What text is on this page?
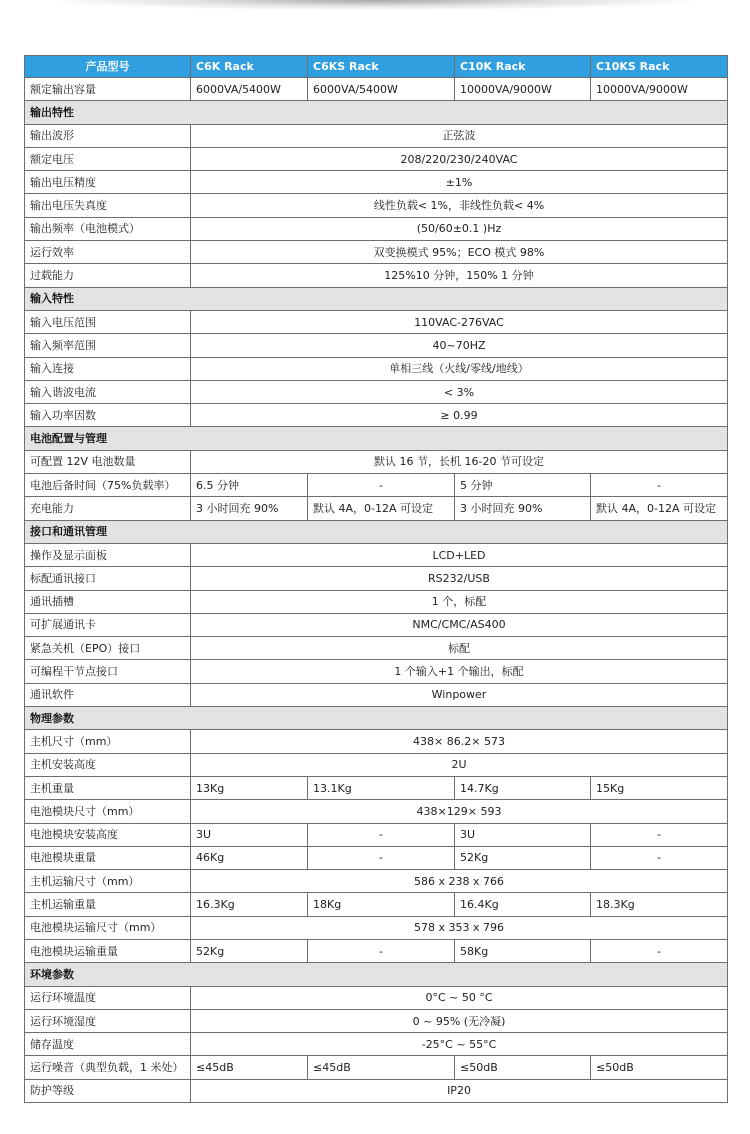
产品型号	C6K Rack	C6KS Rack	C10K Rack	C10KS Rack
额定输出容量	6000VA/5400W	6000VA/5400W	10000VA/9000W	10000VA/9000W
输出特性				
输出波形	正弦波			
额定电压	208/220/230/240VAC			
输出电压精度	±1%			
输出电压失真度	线性负载< 1%，非线性负载< 4%			
输出频率（电池模式）	(50/60±0.1 )Hz			
运行效率	双变换模式 95%；ECO 模式 98%			
过载能力	125%10 分钟，150% 1 分钟			
输入特性				
输入电压范围	110VAC-276VAC			
输入频率范围	40~70HZ			
输入连接	单相三线（火线/零线/地线）			
输入谐波电流	< 3%			
输入功率因数	≥ 0.99			
电池配置与管理				
可配置 12V 电池数量	默认 16 节，长机 16-20 节可设定			
电池后备时间（75%负载率）	6.5 分钟	-	5 分钟	-
充电能力	3 小时回充 90%	默认 4A，0-12A 可设定	3 小时回充 90%	默认 4A，0-12A 可设定
接口和通讯管理				
操作及显示面板	LCD+LED			
标配通讯接口	RS232/USB			
通讯插槽	1 个，标配			
可扩展通讯卡	NMC/CMC/AS400			
紧急关机（EPO）接口	标配			
可编程干节点接口	1 个输入+1 个输出，标配			
通讯软件	Winpower			
物理参数				
主机尺寸（mm）	438× 86.2× 573			
主机安装高度	2U			
主机重量	13Kg	13.1Kg	14.7Kg	15Kg
电池模块尺寸（mm）	438×129× 593			
电池模块安装高度	3U	-	3U	-
电池模块重量	46Kg	-	52Kg	-
主机运输尺寸（mm）	586 x 238 x 766			
主机运输重量	16.3Kg	18Kg	16.4Kg	18.3Kg
电池模块运输尺寸（mm）	578 x 353 x 796			
电池模块运输重量	52Kg	-	58Kg	-
环境参数				
运行环境温度	0°C ~ 50 °C			
运行环境湿度	0 ~ 95% (无冷凝)			
储存温度	-25°C ~ 55°C			
运行噪音（典型负载，1 米处）	≤45dB	≤45dB	≤50dB	≤50dB
防护等级	IP20			
